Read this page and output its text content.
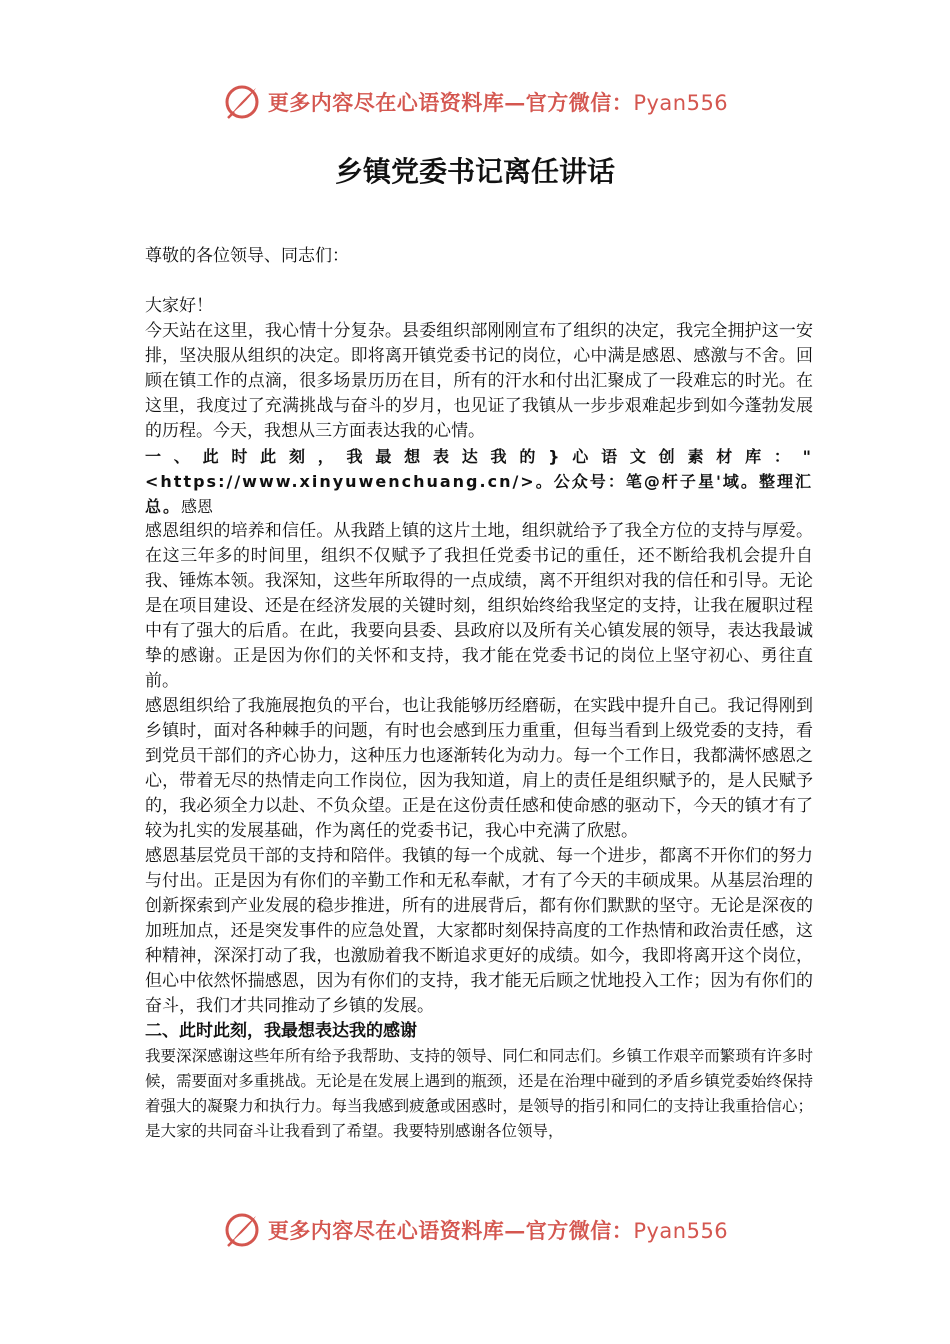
更多内容尽在心语资料库—官方微信：Pyan556
乡镇党委书记离任讲话

尊敬的各位领导、同志们：

大家好！

今天站在这里，我心情十分复杂。县委组织部刚刚宣布了组织的决定，我完全拥护这一安排，坚决服从组织的决定。即将离开镇党委书记的岗位，心中满是感恩、感激与不舍。回顾在镇工作的点滴，很多场景历历在目，所有的汗水和付出汇聚成了一段难忘的时光。在这里，我度过了充满挑战与奋斗的岁月，也见证了我镇从一步步艰难起步到如今蓬勃发展的历程。今天，我想从三方面表达我的心情。

一、此时此刻，我最想表达我的}心语文创素材库："<https://www.xinyuwenchuang.cn/>。公众号：笔@杆子星'域。整理汇总。感恩

感恩组织的培养和信任。从我踏上镇的这片土地，组织就给予了我全方位的支持与厚爱。在这三年多的时间里，组织不仅赋予了我担任党委书记的重任，还不断给我机会提升自我、锤炼本领。我深知，这些年所取得的一点成绩，离不开组织对我的信任和引导。无论是在项目建设、还是在经济发展的关键时刻，组织始终给我坚定的支持，让我在履职过程中有了强大的后盾。在此，我要向县委、县政府以及所有关心镇发展的领导，表达我最诚挚的感谢。正是因为你们的关怀和支持，我才能在党委书记的岗位上坚守初心、勇往直前。

感恩组织给了我施展抱负的平台，也让我能够历经磨砺，在实践中提升自己。我记得刚到乡镇时，面对各种棘手的问题，有时也会感到压力重重，但每当看到上级党委的支持，看到党员干部们的齐心协力，这种压力也逐渐转化为动力。每一个工作日，我都满怀感恩之心，带着无尽的热情走向工作岗位，因为我知道，肩上的责任是组织赋予的，是人民赋予的，我必须全力以赴、不负众望。正是在这份责任感和使命感的驱动下，今天的镇才有了较为扎实的发展基础，作为离任的党委书记，我心中充满了欣慰。

感恩基层党员干部的支持和陪伴。我镇的每一个成就、每一个进步，都离不开你们的努力与付出。正是因为有你们的辛勤工作和无私奉献，才有了今天的丰硕成果。从基层治理的创新探索到产业发展的稳步推进，所有的进展背后，都有你们默默的坚守。无论是深夜的加班加点，还是突发事件的应急处置，大家都时刻保持高度的工作热情和政治责任感，这种精神，深深打动了我，也激励着我不断追求更好的成绩。如今，我即将离开这个岗位，但心中依然怀揣感恩，因为有你们的支持，我才能无后顾之忧地投入工作；因为有你们的奋斗，我们才共同推动了乡镇的发展。

二、此时此刻，我最想表达我的感谢

我要深深感谢这些年所有给予我帮助、支持的领导、同仁和同志们。乡镇工作艰辛而繁琐有许多时候，需要面对多重挑战。无论是在发展上遇到的瓶颈，还是在治理中碰到的矛盾乡镇党委始终保持着强大的凝聚力和执行力。每当我感到疲惫或困惑时，是领导的指引和同仁的支持让我重拾信心；是大家的共同奋斗让我看到了希望。我要特别感谢各位领导，

更多内容尽在心语资料库—官方微信：Pyan556
